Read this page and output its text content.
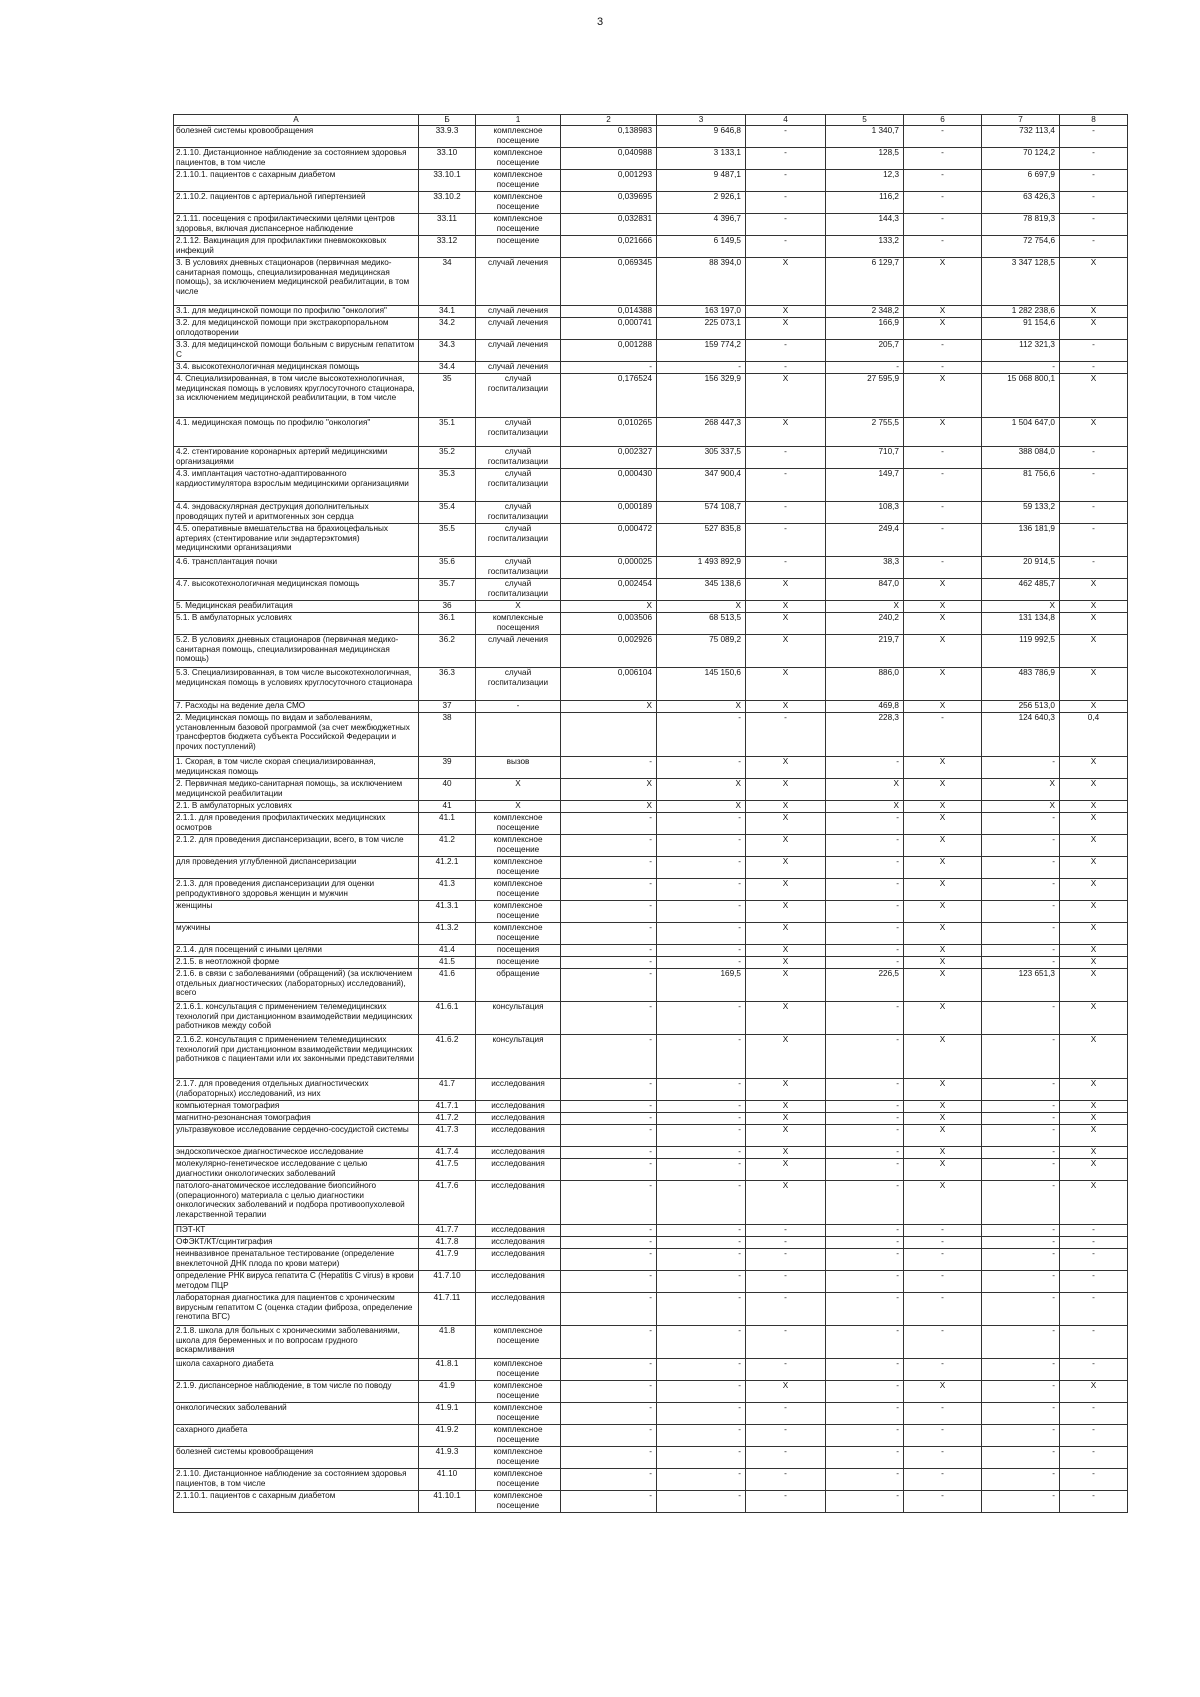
3
А	Б	1	2	3	4	5	6	7	8
болезней системы кровообращения	33.9.3	комплексное посещение	0,138983	9 646,8	-	1 340,7	-	732 113,4	-
2.1.10. Дистанционное наблюдение за состоянием здоровья пациентов, в том числе	33.10	комплексное посещение	0,040988	3 133,1	-	128,5	-	70 124,2	-
2.1.10.1. пациентов с сахарным диабетом	33.10.1	комплексное посещение	0,001293	9 487,1	-	12,3	-	6 697,9	-
2.1.10.2. пациентов с артериальной гипертензией	33.10.2	комплексное посещение	0,039695	2 926,1	-	116,2	-	63 426,3	-
2.1.11. посещения с профилактическими целями центров здоровья, включая диспансерное наблюдение	33.11	комплексное посещение	0,032831	4 396,7	-	144,3	-	78 819,3	-
2.1.12. Вакцинация для профилактики пневмококковых инфекций	33.12	посещение	0,021666	6 149,5	-	133,2	-	72 754,6	-
3. В условиях дневных стационаров (первичная медико-санитарная помощь, специализированная медицинская помощь), за исключением медицинской реабилитации, в том числе	34	случай лечения	0,069345	88 394,0	Х	6 129,7	Х	3 347 128,5	Х
3.1. для медицинской помощи по профилю "онкология"	34.1	случай лечения	0,014388	163 197,0	Х	2 348,2	Х	1 282 238,6	Х
3.2. для медицинской помощи при экстракорпоральном оплодотворении	34.2	случай лечения	0,000741	225 073,1	Х	166,9	Х	91 154,6	Х
3.3. для медицинской помощи больным с вирусным гепатитом С	34.3	случай лечения	0,001288	159 774,2	-	205,7	-	112 321,3	-
3.4. высокотехнологичная медицинская помощь	34.4	случай лечения	-	-	-	-	-	-	-
4. Специализированная, в том числе высокотехнологичная, медицинская помощь в условиях круглосуточного стационара, за исключением медицинской реабилитации, в том числе	35	случай госпитализации	0,176524	156 329,9	Х	27 595,9	Х	15 068 800,1	Х
4.1. медицинская помощь по профилю "онкология"	35.1	случай госпитализации	0,010265	268 447,3	Х	2 755,5	Х	1 504 647,0	Х
4.2. стентирование коронарных артерий медицинскими организациями	35.2	случай госпитализации	0,002327	305 337,5	-	710,7	-	388 084,0	-
4.3. имплантация частотно-адаптированного кардиостимулятора взрослым медицинскими организациями	35.3	случай госпитализации	0,000430	347 900,4	-	149,7	-	81 756,6	-
4.4. эндоваскулярная деструкция дополнительных проводящих путей и аритмогенных зон сердца	35.4	случай госпитализации	0,000189	574 108,7	-	108,3	-	59 133,2	-
4.5. оперативные вмешательства на брахиоцефальных артериях (стентирование или эндартерэктомия) медицинскими организациями	35.5	случай госпитализации	0,000472	527 835,8	-	249,4	-	136 181,9	-
4.6. трансплантация почки	35.6	случай госпитализации	0,000025	1 493 892,9	-	38,3	-	20 914,5	-
4.7. высокотехнологичная медицинская помощь	35.7	случай госпитализации	0,002454	345 138,6	Х	847,0	Х	462 485,7	Х
5. Медицинская реабилитация	36	Х	Х	Х	Х	Х	Х	Х	Х
5.1. В амбулаторных условиях	36.1	комплексные посещения	0,003506	68 513,5	Х	240,2	Х	131 134,8	Х
5.2. В условиях дневных стационаров (первичная медико-санитарная помощь, специализированная медицинская помощь)	36.2	случай лечения	0,002926	75 089,2	Х	219,7	Х	119 992,5	Х
5.3. Специализированная, в том числе высокотехнологичная, медицинская помощь в условиях круглосуточного стационара	36.3	случай госпитализации	0,006104	145 150,6	Х	886,0	Х	483 786,9	Х
7. Расходы на ведение дела СМО	37	-	Х	Х	Х	469,8	Х	256 513,0	Х
2. Медицинская помощь по видам и заболеваниям, установленным базовой программой (за счет межбюджетных трансфертов бюджета субъекта Российской Федерации и прочих поступлений)	38			-	-	228,3	-	124 640,3	0,4
1. Скорая, в том числе скорая специализированная, медицинская помощь	39	вызов	-	-	Х	-	Х	-	Х
2. Первичная медико-санитарная помощь, за исключением медицинской реабилитации	40	Х	Х	Х	Х	Х	Х	Х	Х
2.1. В амбулаторных условиях	41	Х	Х	Х	Х	Х	Х	Х	Х
2.1.1. для проведения профилактических медицинских осмотров	41.1	комплексное посещение	-	-	Х	-	Х	-	Х
2.1.2. для проведения диспансеризации, всего, в том числе	41.2	комплексное посещение	-	-	Х	-	Х	-	Х
для проведения углубленной диспансеризации	41.2.1	комплексное посещение	-	-	Х	-	Х	-	Х
2.1.3. для проведения диспансеризации для оценки репродуктивного здоровья женщин и мужчин	41.3	комплексное посещение	-	-	Х	-	Х	-	Х
женщины	41.3.1	комплексное посещение	-	-	Х	-	Х	-	Х
мужчины	41.3.2	комплексное посещение	-	-	Х	-	Х	-	Х
2.1.4. для посещений с иными целями	41.4	посещения	-	-	Х	-	Х	-	Х
2.1.5. в неотложной форме	41.5	посещение	-	-	Х	-	Х	-	Х
2.1.6. в связи с заболеваниями (обращений) (за исключением отдельных диагностических (лабораторных) исследований), всего	41.6	обращение	-	169,5	Х	226,5	Х	123 651,3	Х
2.1.6.1. консультация с применением телемедицинских технологий при дистанционном взаимодействии медицинских работников между собой	41.6.1	консультация	-	-	Х	-	Х	-	Х
2.1.6.2. консультация с применением телемедицинских технологий при дистанционном взаимодействии медицинских работников с пациентами или их законными представителями	41.6.2	консультация	-	-	Х	-	Х	-	Х
2.1.7. для проведения отдельных диагностических (лабораторных) исследований, из них	41.7	исследования	-	-	Х	-	Х	-	Х
компьютерная томография	41.7.1	исследования	-	-	Х	-	Х	-	Х
магнитно-резонансная томография	41.7.2	исследования	-	-	Х	-	Х	-	Х
ультразвуковое исследование сердечно-сосудистой системы	41.7.3	исследования	-	-	Х	-	Х	-	Х
эндоскопическое диагностическое исследование	41.7.4	исследования	-	-	Х	-	Х	-	Х
молекулярно-генетическое исследование с целью диагностики онкологических заболеваний	41.7.5	исследования	-	-	Х	-	Х	-	Х
патолого-анатомическое исследование биопсийного (операционного) материала с целью диагностики онкологических заболеваний и подбора противоопухолевой лекарственной терапии	41.7.6	исследования	-	-	Х	-	Х	-	Х
ПЭТ-КТ	41.7.7	исследования	-	-	-	-	-	-	-
ОФЭКТ/КТ/сцинтиграфия	41.7.8	исследования	-	-	-	-	-	-	-
неинвазивное пренатальное тестирование (определение внеклеточной ДНК плода по крови матери)	41.7.9	исследования	-	-	-	-	-	-	-
определение РНК вируса гепатита С (Hepatitis C virus) в крови методом ПЦР	41.7.10	исследования	-	-	-	-	-	-	-
лабораторная диагностика для пациентов с хроническим вирусным гепатитом С (оценка стадии фиброза, определение генотипа ВГС)	41.7.11	исследования	-	-	-	-	-	-	-
2.1.8. школа для больных с хроническими заболеваниями, школа для беременных и по вопросам грудного вскармливания	41.8	комплексное посещение	-	-	-	-	-	-	-
школа сахарного диабета	41.8.1	комплексное посещение	-	-	-	-	-	-	-
2.1.9. диспансерное наблюдение, в том числе по поводу	41.9	комплексное посещение	-	-	Х	-	Х	-	Х
онкологических заболеваний	41.9.1	комплексное посещение	-	-	-	-	-	-	-
сахарного диабета	41.9.2	комплексное посещение	-	-	-	-	-	-	-
болезней системы кровообращения	41.9.3	комплексное посещение	-	-	-	-	-	-	-
2.1.10. Дистанционное наблюдение за состоянием здоровья пациентов, в том числе	41.10	комплексное посещение	-	-	-	-	-	-	-
2.1.10.1. пациентов с сахарным диабетом	41.10.1	комплексное посещение	-	-	-	-	-	-	-
